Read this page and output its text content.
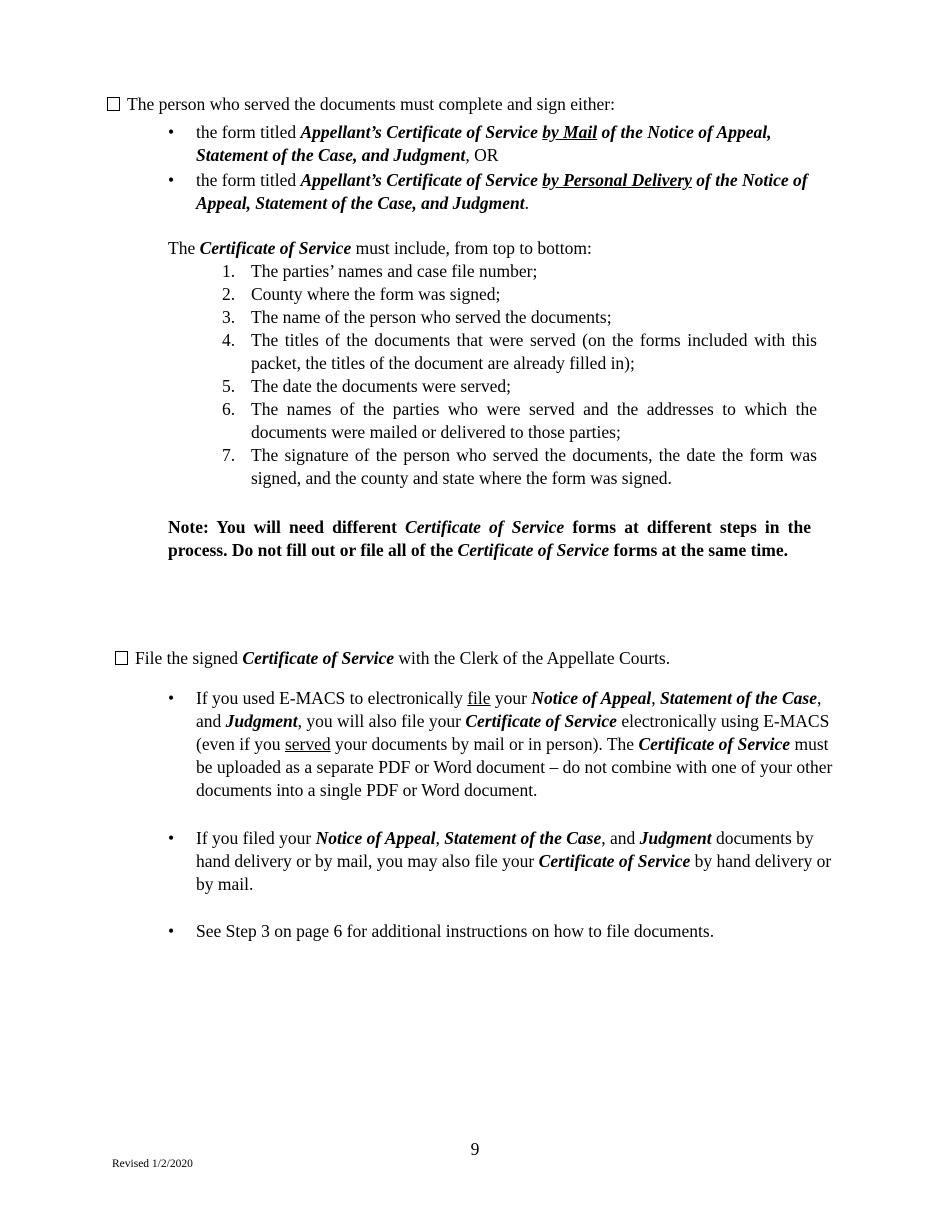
The person who served the documents must complete and sign either:
• the form titled Appellant’s Certificate of Service by Mail of the Notice of Appeal, Statement of the Case, and Judgment, OR
• the form titled Appellant’s Certificate of Service by Personal Delivery of the Notice of Appeal, Statement of the Case, and Judgment.
The Certificate of Service must include, from top to bottom:
1. The parties’ names and case file number;
2. County where the form was signed;
3. The name of the person who served the documents;
4. The titles of the documents that were served (on the forms included with this packet, the titles of the document are already filled in);
5. The date the documents were served;
6. The names of the parties who were served and the addresses to which the documents were mailed or delivered to those parties;
7. The signature of the person who served the documents, the date the form was signed, and the county and state where the form was signed.
Note: You will need different Certificate of Service forms at different steps in the process. Do not fill out or file all of the Certificate of Service forms at the same time.
File the signed Certificate of Service with the Clerk of the Appellate Courts.
• If you used E-MACS to electronically file your Notice of Appeal, Statement of the Case, and Judgment, you will also file your Certificate of Service electronically using E-MACS (even if you served your documents by mail or in person). The Certificate of Service must be uploaded as a separate PDF or Word document – do not combine with one of your other documents into a single PDF or Word document.
• If you filed your Notice of Appeal, Statement of the Case, and Judgment documents by hand delivery or by mail, you may also file your Certificate of Service by hand delivery or by mail.
• See Step 3 on page 6 for additional instructions on how to file documents.
9
Revised 1/2/2020
